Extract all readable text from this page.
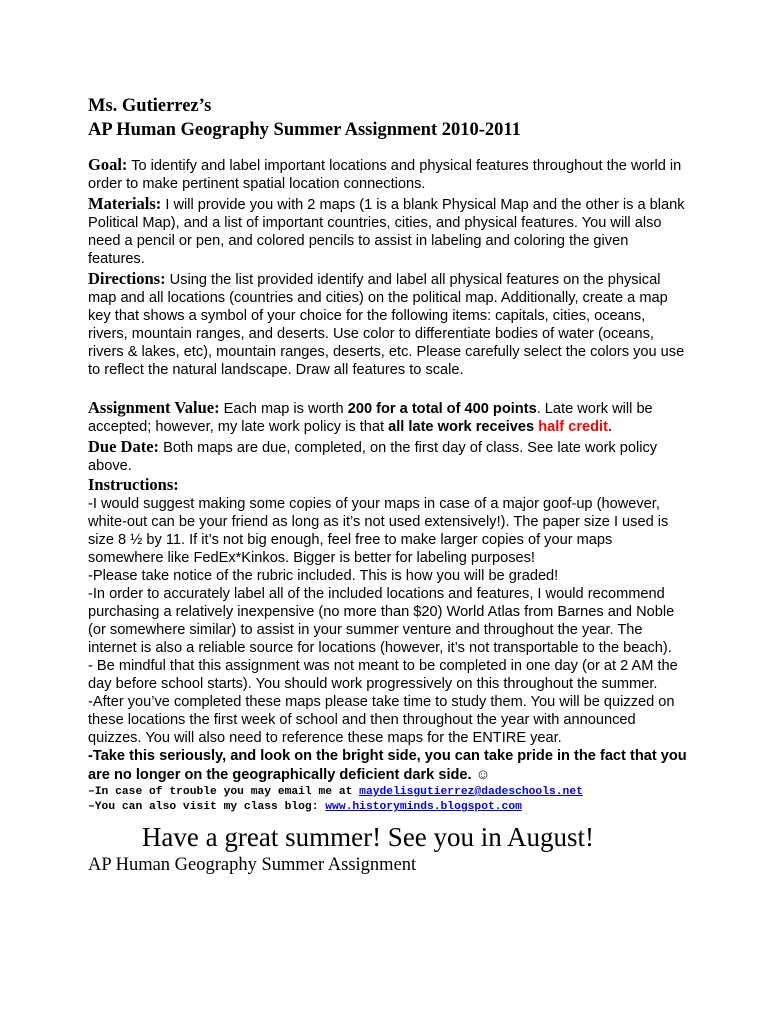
Ms. Gutierrez’s

AP Human Geography Summer Assignment 2010-2011

Goal: To identify and label important locations and physical features throughout the world in order to make pertinent spatial location connections.

Materials: I will provide you with 2 maps (1 is a blank Physical Map and the other is a blank Political Map), and a list of important countries, cities, and physical features. You will also need a pencil or pen, and colored pencils to assist in labeling and coloring the given features.

Directions: Using the list provided identify and label all physical features on the physical map and all locations (countries and cities) on the political map. Additionally, create a map key that shows a symbol of your choice for the following items: capitals, cities, oceans, rivers, mountain ranges, and deserts. Use color to differentiate bodies of water (oceans, rivers & lakes, etc), mountain ranges, deserts, etc. Please carefully select the colors you use to reflect the natural landscape. Draw all features to scale.

Assignment Value: Each map is worth 200 for a total of 400 points. Late work will be accepted; however, my late work policy is that all late work receives half credit.

Due Date: Both maps are due, completed, on the first day of class. See late work policy above.

Instructions:

-I would suggest making some copies of your maps in case of a major goof-up (however, white-out can be your friend as long as it’s not used extensively!). The paper size I used is size 8 ½ by 11. If it’s not big enough, feel free to make larger copies of your maps somewhere like FedEx*Kinkos. Bigger is better for labeling purposes!

-Please take notice of the rubric included. This is how you will be graded!

-In order to accurately label all of the included locations and features, I would recommend purchasing a relatively inexpensive (no more than $20) World Atlas from Barnes and Noble (or somewhere similar) to assist in your summer venture and throughout the year. The internet is also a reliable source for locations (however, it’s not transportable to the beach).

- Be mindful that this assignment was not meant to be completed in one day (or at 2 AM the day before school starts). You should work progressively on this throughout the summer.

-After you’ve completed these maps please take time to study them. You will be quizzed on these locations the first week of school and then throughout the year with announced quizzes. You will also need to reference these maps for the ENTIRE year.

-Take this seriously, and look on the bright side, you can take pride in the fact that you are no longer on the geographically deficient dark side. ☺

–In case of trouble you may email me at maydelisgutierrez@dadeschools.net

–You can also visit my class blog: www.historyminds.blogspot.com

Have a great summer! See you in August!

AP Human Geography Summer Assignment
